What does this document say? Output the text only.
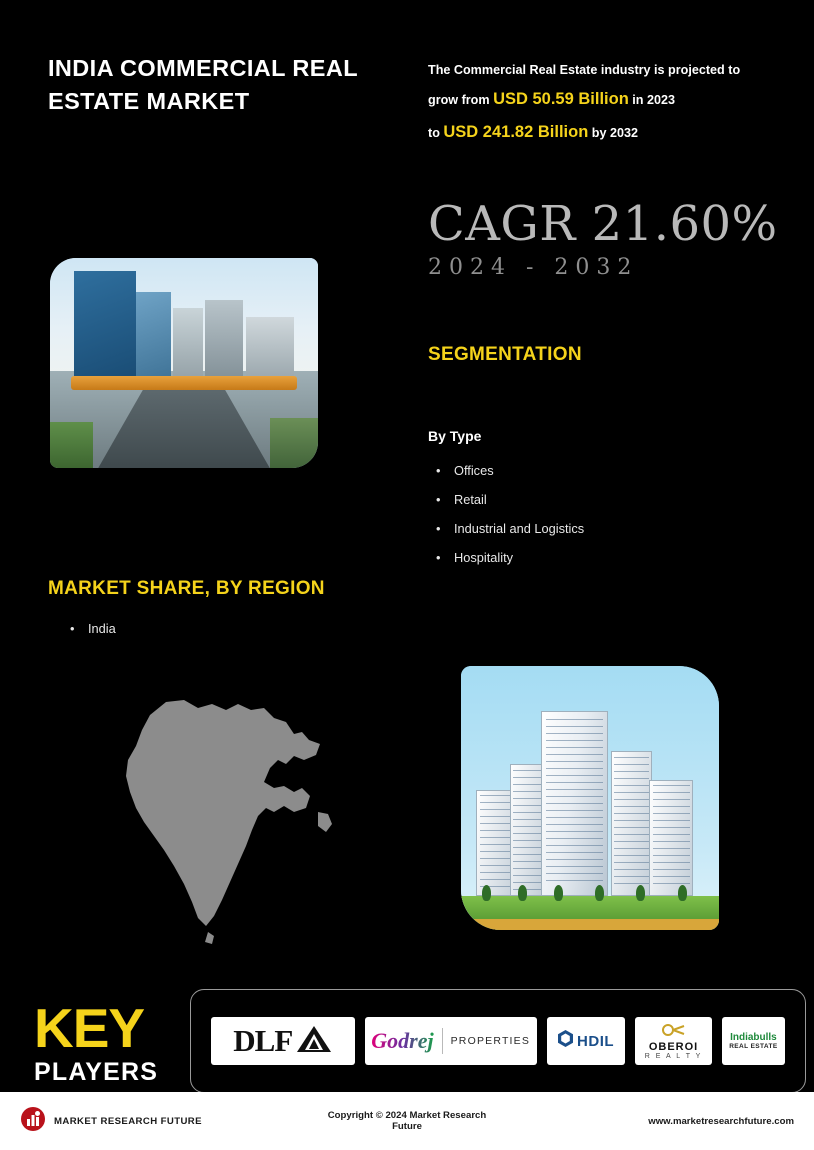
INDIA COMMERCIAL REAL ESTATE MARKET
The Commercial Real Estate industry is projected to
grow from USD 50.59 Billion in 2023
to USD 241.82 Billion by 2032
CAGR 21.60%
2024 - 2032
SEGMENTATION
By Type
• Offices
• Retail
• Industrial and Logistics
• Hospitality
MARKET SHARE, BY REGION
• India
KEY
PLAYERS
DLF	Godrej PROPERTIES	HDIL	OBEROI
R E A L T Y
Indiabulls
REAL ESTATE
MARKET RESEARCH FUTURE	Copyright © 2024 Market Research Future	www.marketresearchfuture.com
